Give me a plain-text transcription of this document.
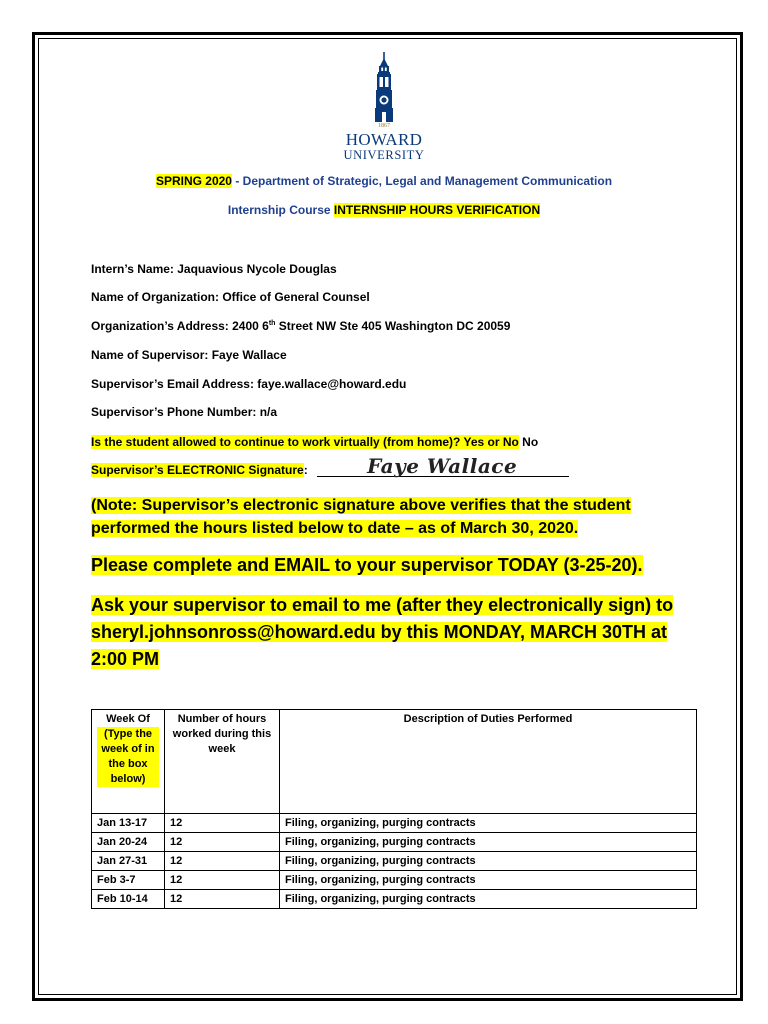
1867
HOWARD
UNIVERSITY
SPRING 2020 - Department of Strategic, Legal and Management Communication
Internship Course INTERNSHIP HOURS VERIFICATION
Intern’s Name: Jaquavious Nycole Douglas
Name of Organization: Office of General Counsel
Organization’s Address: 2400 6th Street NW Ste 405 Washington DC 20059
Name of Supervisor: Faye Wallace
Supervisor’s Email Address: faye.wallace@howard.edu
Supervisor’s Phone Number: n/a
Is the student allowed to continue to work virtually (from home)? Yes or No No
Supervisor’s ELECTRONIC Signature:	Faye Wallace
(Note: Supervisor’s electronic signature above verifies that the student performed the hours listed below to date – as of March 30, 2020.
Please complete and EMAIL to your supervisor TODAY (3-25-20).
Ask your supervisor to email to me (after they electronically sign) to sheryl.johnsonross@howard.edu by this MONDAY, MARCH 30TH at 2:00 PM
Week Of
(Type the week of in the box below)	Number of hours worked during this week	Description of Duties Performed
Jan 13-17	12	Filing, organizing, purging contracts
Jan 20-24	12	Filing, organizing, purging contracts
Jan 27-31	12	Filing, organizing, purging contracts
Feb 3-7	12	Filing, organizing, purging contracts
Feb 10-14	12	Filing, organizing, purging contracts
